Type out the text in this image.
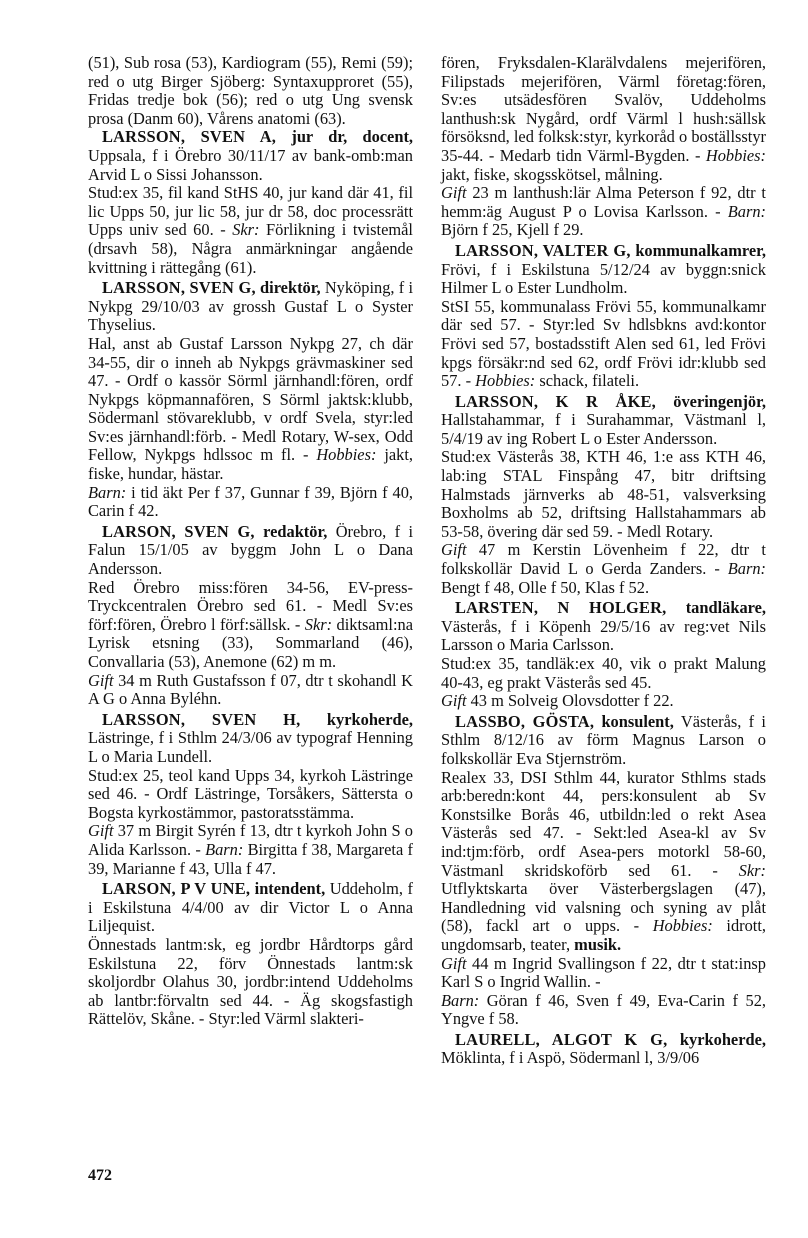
(51), Sub rosa (53), Kardiogram (55), Remi (59); red o utg Birger Sjöberg: Syntaxupproret (55), Fridas tredje bok (56); red o utg Ung svensk prosa (Danm 60), Vårens anatomi (63).

LARSSON, SVEN A, jur dr, docent, Uppsala, f i Örebro 30/11/17 av bank-omb:man Arvid L o Sissi Johansson.

Stud:ex 35, fil kand StHS 40, jur kand där 41, fil lic Upps 50, jur lic 58, jur dr 58, doc processrätt Upps univ sed 60. - Skr: Förlikning i tvistemål (drsavh 58), Några anmärkningar angående kvittning i rättegång (61).

LARSSON, SVEN G, direktör, Nyköping, f i Nykpg 29/10/03 av grossh Gustaf L o Syster Thyselius.

Hal, anst ab Gustaf Larsson Nykpg 27, ch där 34-55, dir o inneh ab Nykpgs grävmaskiner sed 47. - Ordf o kassör Sörml järnhandl:fören, ordf Nykpgs köpmannafören, S Sörml jaktsk:klubb, Södermanl stövareklubb, v ordf Svela, styr:led Sv:es järnhandl:förb. - Medl Rotary, W-sex, Odd Fellow, Nykpgs hdlssoc m fl. - Hobbies: jakt, fiske, hundar, hästar.

Barn: i tid äkt Per f 37, Gunnar f 39, Björn f 40, Carin f 42.

LARSON, SVEN G, redaktör, Örebro, f i Falun 15/1/05 av byggm John L o Dana Andersson.

Red Örebro miss:fören 34-56, EV-press-Tryckcentralen Örebro sed 61. - Medl Sv:es förf:fören, Örebro l förf:sällsk. - Skr: diktsaml:na Lyrisk etsning (33), Sommarland (46), Convallaria (53), Anemone (62) m m.

Gift 34 m Ruth Gustafsson f 07, dtr t skohandl K A G o Anna Byléhn.

LARSSON, SVEN H, kyrkoherde, Lästringe, f i Sthlm 24/3/06 av typograf Henning L o Maria Lundell.

Stud:ex 25, teol kand Upps 34, kyrkoh Lästringe sed 46. - Ordf Lästringe, Torsåkers, Sättersta o Bogsta kyrkostämmor, pastoratsstämma.

Gift 37 m Birgit Syrén f 13, dtr t kyrkoh John S o Alida Karlsson. - Barn: Birgitta f 38, Margareta f 39, Marianne f 43, Ulla f 47.

LARSON, P V UNE, intendent, Uddeholm, f i Eskilstuna 4/4/00 av dir Victor L o Anna Liljequist.

Önnestads lantm:sk, eg jordbr Hårdtorps gård Eskilstuna 22, förv Önnestads lantm:sk skoljordbr Olahus 30, jordbr:intend Uddeholms ab lantbr:förvaltn sed 44. - Äg skogsfastigh Rättelöv, Skåne. - Styr:led Värml slakteri-

fören, Fryksdalen-Klarälvdalens mejerifören, Filipstads mejerifören, Värml företag:fören, Sv:es utsädesfören Svalöv, Uddeholms lanthush:sk Nygård, ordf Värml l hush:sällsk försöksnd, led folksk:styr, kyrkoråd o boställsstyr 35-44. - Medarb tidn Värml-Bygden. - Hobbies: jakt, fiske, skogsskötsel, målning.

Gift 23 m lanthush:lär Alma Peterson f 92, dtr t hemm:äg August P o Lovisa Karlsson. - Barn: Björn f 25, Kjell f 29.

LARSSON, VALTER G, kommunalkamrer, Frövi, f i Eskilstuna 5/12/24 av byggn:snick Hilmer L o Ester Lundholm.

StSI 55, kommunalass Frövi 55, kommunalkamr där sed 57. - Styr:led Sv hdlsbkns avd:kontor Frövi sed 57, bostadsstift Alen sed 61, led Frövi kpgs försäkr:nd sed 62, ordf Frövi idr:klubb sed 57. - Hobbies: schack, filateli.

LARSSON, K R ÅKE, överingenjör, Hallstahammar, f i Surahammar, Västmanl l, 5/4/19 av ing Robert L o Ester Andersson.

Stud:ex Västerås 38, KTH 46, 1:e ass KTH 46, lab:ing STAL Finspång 47, bitr driftsing Halmstads järnverks ab 48-51, valsverksing Boxholms ab 52, driftsing Hallstahammars ab 53-58, övering där sed 59. - Medl Rotary.

Gift 47 m Kerstin Lövenheim f 22, dtr t folkskollär David L o Gerda Zanders. - Barn: Bengt f 48, Olle f 50, Klas f 52.

LARSTEN, N HOLGER, tandläkare, Västerås, f i Köpenh 29/5/16 av reg:vet Nils Larsson o Maria Carlsson.

Stud:ex 35, tandläk:ex 40, vik o prakt Malung 40-43, eg prakt Västerås sed 45.

Gift 43 m Solveig Olovsdotter f 22.

LASSBO, GÖSTA, konsulent, Västerås, f i Sthlm 8/12/16 av förm Magnus Larson o folkskollär Eva Stjernström.

Realex 33, DSI Sthlm 44, kurator Sthlms stads arb:beredn:kont 44, pers:konsulent ab Sv Konstsilke Borås 46, utbildn:led o rekt Asea Västerås sed 47. - Sekt:led Asea-kl av Sv ind:tjm:förb, ordf Asea-pers motorkl 58-60, Västmanl skridskoförb sed 61. - Skr: Utflyktskarta över Västerbergslagen (47), Handledning vid valsning och syning av plåt (58), fackl art o upps. - Hobbies: idrott, ungdomsarb, teater, musik.

Gift 44 m Ingrid Svallingson f 22, dtr t stat:insp Karl S o Ingrid Wallin. -

Barn: Göran f 46, Sven f 49, Eva-Carin f 52, Yngve f 58.

LAURELL, ALGOT K G, kyrkoherde, Möklinta, f i Aspö, Södermanl l, 3/9/06

472
